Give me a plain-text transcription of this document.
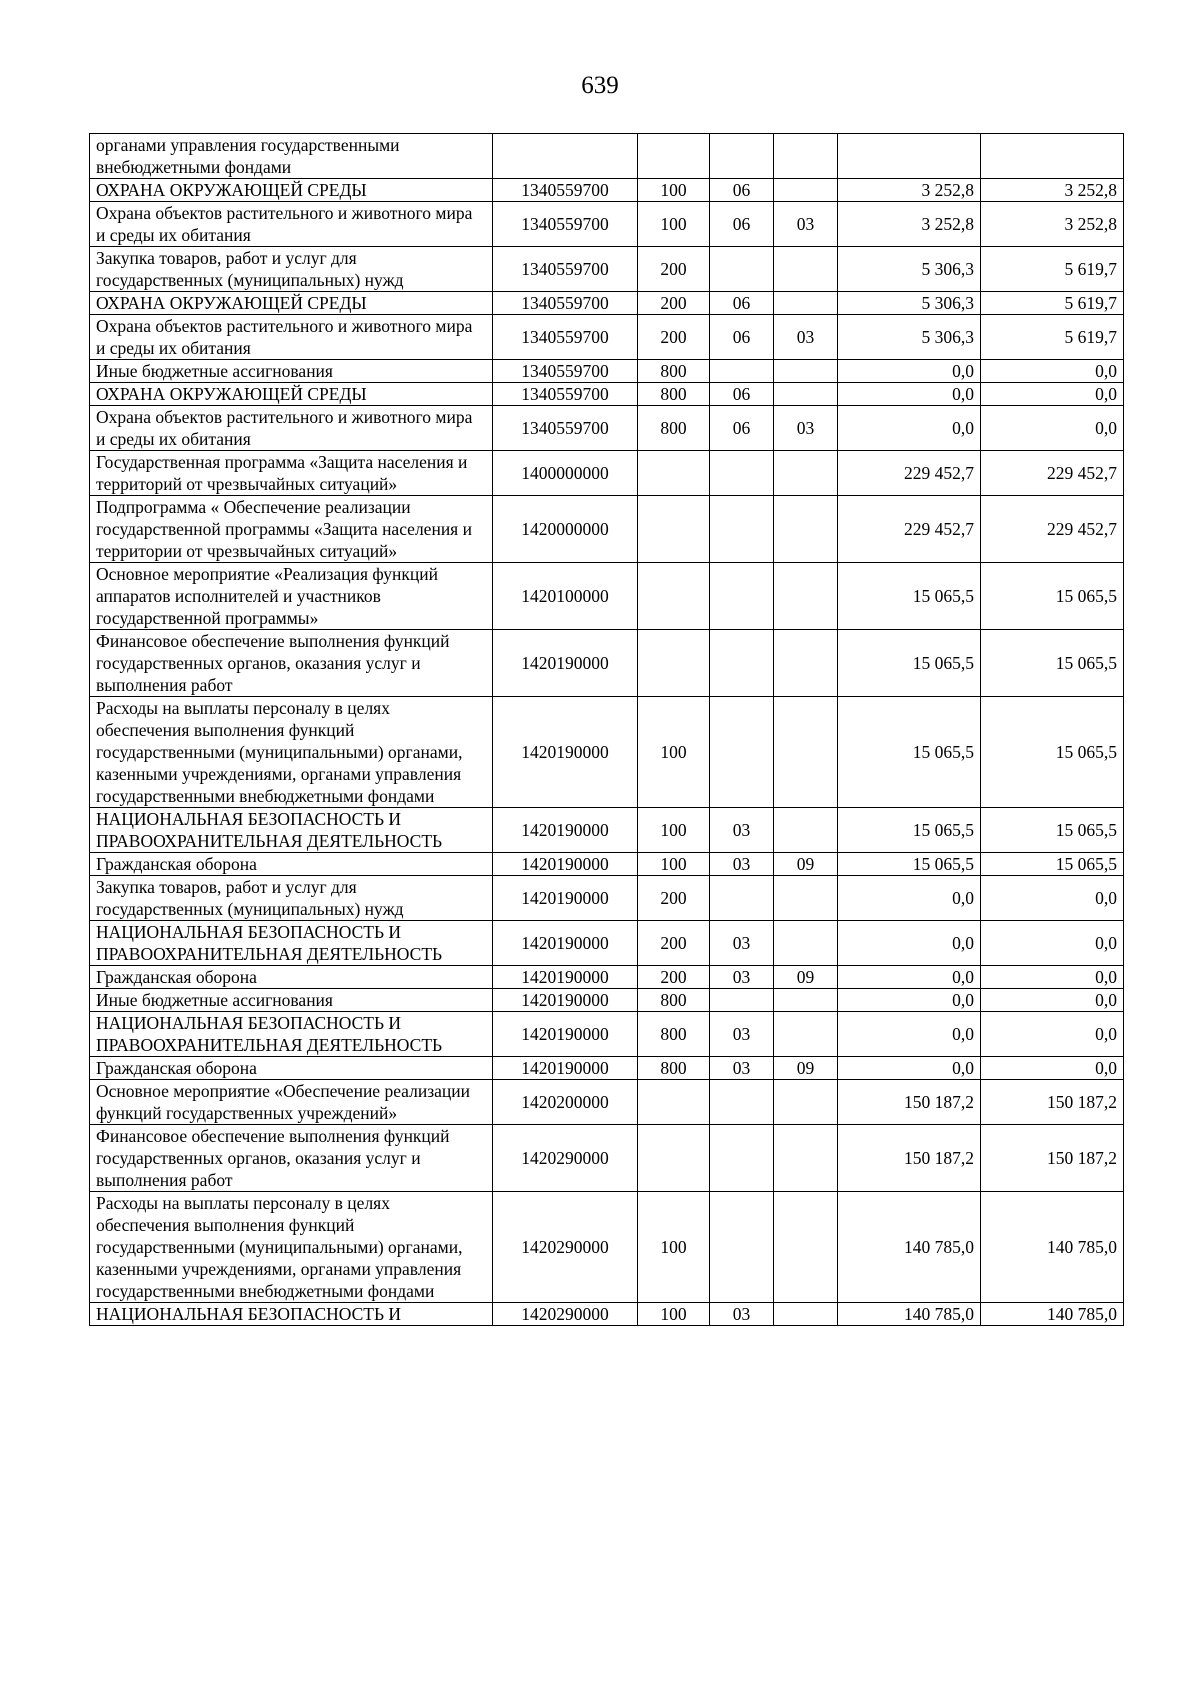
639
органами управления государственными внебюджетными фондами						
ОХРАНА ОКРУЖАЮЩЕЙ СРЕДЫ	1340559700	100	06		3 252,8	3 252,8
Охрана объектов растительного и животного мира и среды их обитания	1340559700	100	06	03	3 252,8	3 252,8
Закупка товаров, работ и услуг для государственных (муниципальных) нужд	1340559700	200			5 306,3	5 619,7
ОХРАНА ОКРУЖАЮЩЕЙ СРЕДЫ	1340559700	200	06		5 306,3	5 619,7
Охрана объектов растительного и животного мира и среды их обитания	1340559700	200	06	03	5 306,3	5 619,7
Иные бюджетные ассигнования	1340559700	800			0,0	0,0
ОХРАНА ОКРУЖАЮЩЕЙ СРЕДЫ	1340559700	800	06		0,0	0,0
Охрана объектов растительного и животного мира и среды их обитания	1340559700	800	06	03	0,0	0,0
Государственная программа «Защита населения и территорий от чрезвычайных ситуаций»	1400000000				229 452,7	229 452,7
Подпрограмма « Обеспечение реализации государственной программы «Защита населения и территории от чрезвычайных ситуаций»	1420000000				229 452,7	229 452,7
Основное мероприятие «Реализация функций аппаратов исполнителей и участников государственной программы»	1420100000				15 065,5	15 065,5
Финансовое обеспечение выполнения функций государственных органов, оказания услуг и выполнения работ	1420190000				15 065,5	15 065,5
Расходы на выплаты персоналу в целях обеспечения выполнения функций государственными (муниципальными) органами, казенными учреждениями, органами управления государственными внебюджетными фондами	1420190000	100			15 065,5	15 065,5
НАЦИОНАЛЬНАЯ БЕЗОПАСНОСТЬ И ПРАВООХРАНИТЕЛЬНАЯ ДЕЯТЕЛЬНОСТЬ	1420190000	100	03		15 065,5	15 065,5
Гражданская оборона	1420190000	100	03	09	15 065,5	15 065,5
Закупка товаров, работ и услуг для государственных (муниципальных) нужд	1420190000	200			0,0	0,0
НАЦИОНАЛЬНАЯ БЕЗОПАСНОСТЬ И ПРАВООХРАНИТЕЛЬНАЯ ДЕЯТЕЛЬНОСТЬ	1420190000	200	03		0,0	0,0
Гражданская оборона	1420190000	200	03	09	0,0	0,0
Иные бюджетные ассигнования	1420190000	800			0,0	0,0
НАЦИОНАЛЬНАЯ БЕЗОПАСНОСТЬ И ПРАВООХРАНИТЕЛЬНАЯ ДЕЯТЕЛЬНОСТЬ	1420190000	800	03		0,0	0,0
Гражданская оборона	1420190000	800	03	09	0,0	0,0
Основное мероприятие «Обеспечение реализации функций государственных учреждений»	1420200000				150 187,2	150 187,2
Финансовое обеспечение выполнения функций государственных органов, оказания услуг и выполнения работ	1420290000				150 187,2	150 187,2
Расходы на выплаты персоналу в целях обеспечения выполнения функций государственными (муниципальными) органами, казенными учреждениями, органами управления государственными внебюджетными фондами	1420290000	100			140 785,0	140 785,0
НАЦИОНАЛЬНАЯ БЕЗОПАСНОСТЬ И	1420290000	100	03		140 785,0	140 785,0
